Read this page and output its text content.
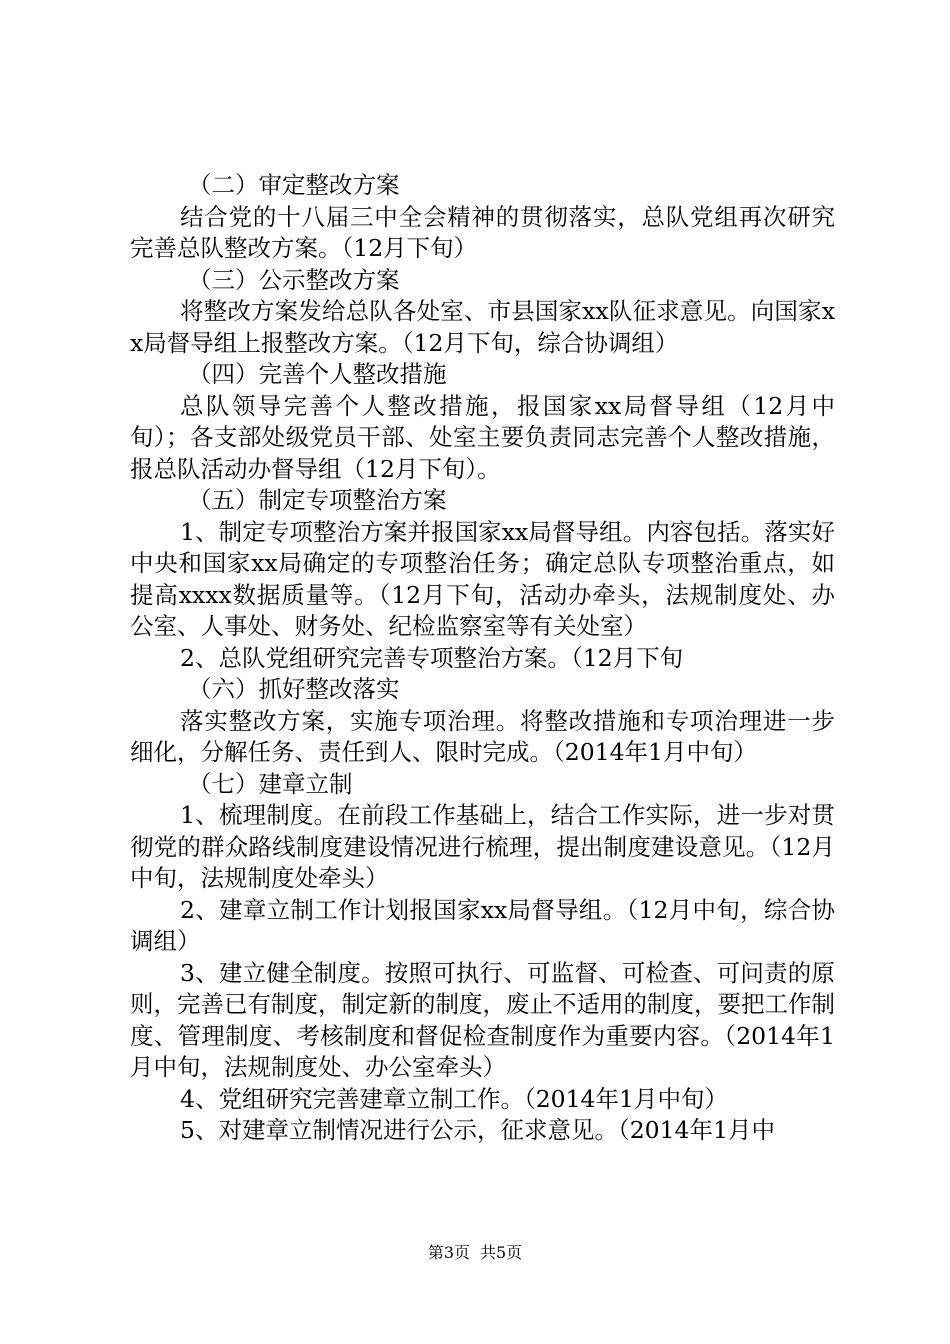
（二）审定整改方案

结合党的十八届三中全会精神的贯彻落实，总队党组再次研究完善总队整改方案。（12月下旬）

（三）公示整改方案

将整改方案发给总队各处室、市县国家xx队征求意见。向国家xx局督导组上报整改方案。（12月下旬，综合协调组）

（四）完善个人整改措施

总队领导完善个人整改措施，报国家xx局督导组（12月中旬）；各支部处级党员干部、处室主要负责同志完善个人整改措施，报总队活动办督导组（12月下旬）。

（五）制定专项整治方案

1、制定专项整治方案并报国家xx局督导组。内容包括。落实好中央和国家xx局确定的专项整治任务；确定总队专项整治重点，如提高xxxx数据质量等。（12月下旬，活动办牵头，法规制度处、办公室、人事处、财务处、纪检监察室等有关处室）

2、总队党组研究完善专项整治方案。（12月下旬

（六）抓好整改落实

落实整改方案，实施专项治理。将整改措施和专项治理进一步细化，分解任务、责任到人、限时完成。（2014年1月中旬）

（七）建章立制

1、梳理制度。在前段工作基础上，结合工作实际，进一步对贯彻党的群众路线制度建设情况进行梳理，提出制度建设意见。（12月中旬，法规制度处牵头）

2、建章立制工作计划报国家xx局督导组。（12月中旬，综合协调组）

3、建立健全制度。按照可执行、可监督、可检查、可问责的原则，完善已有制度，制定新的制度，废止不适用的制度，要把工作制度、管理制度、考核制度和督促检查制度作为重要内容。（2014年1月中旬，法规制度处、办公室牵头）

4、党组研究完善建章立制工作。（2014年1月中旬）

5、对建章立制情况进行公示，征求意见。（2014年1月中

第3页 共5页
